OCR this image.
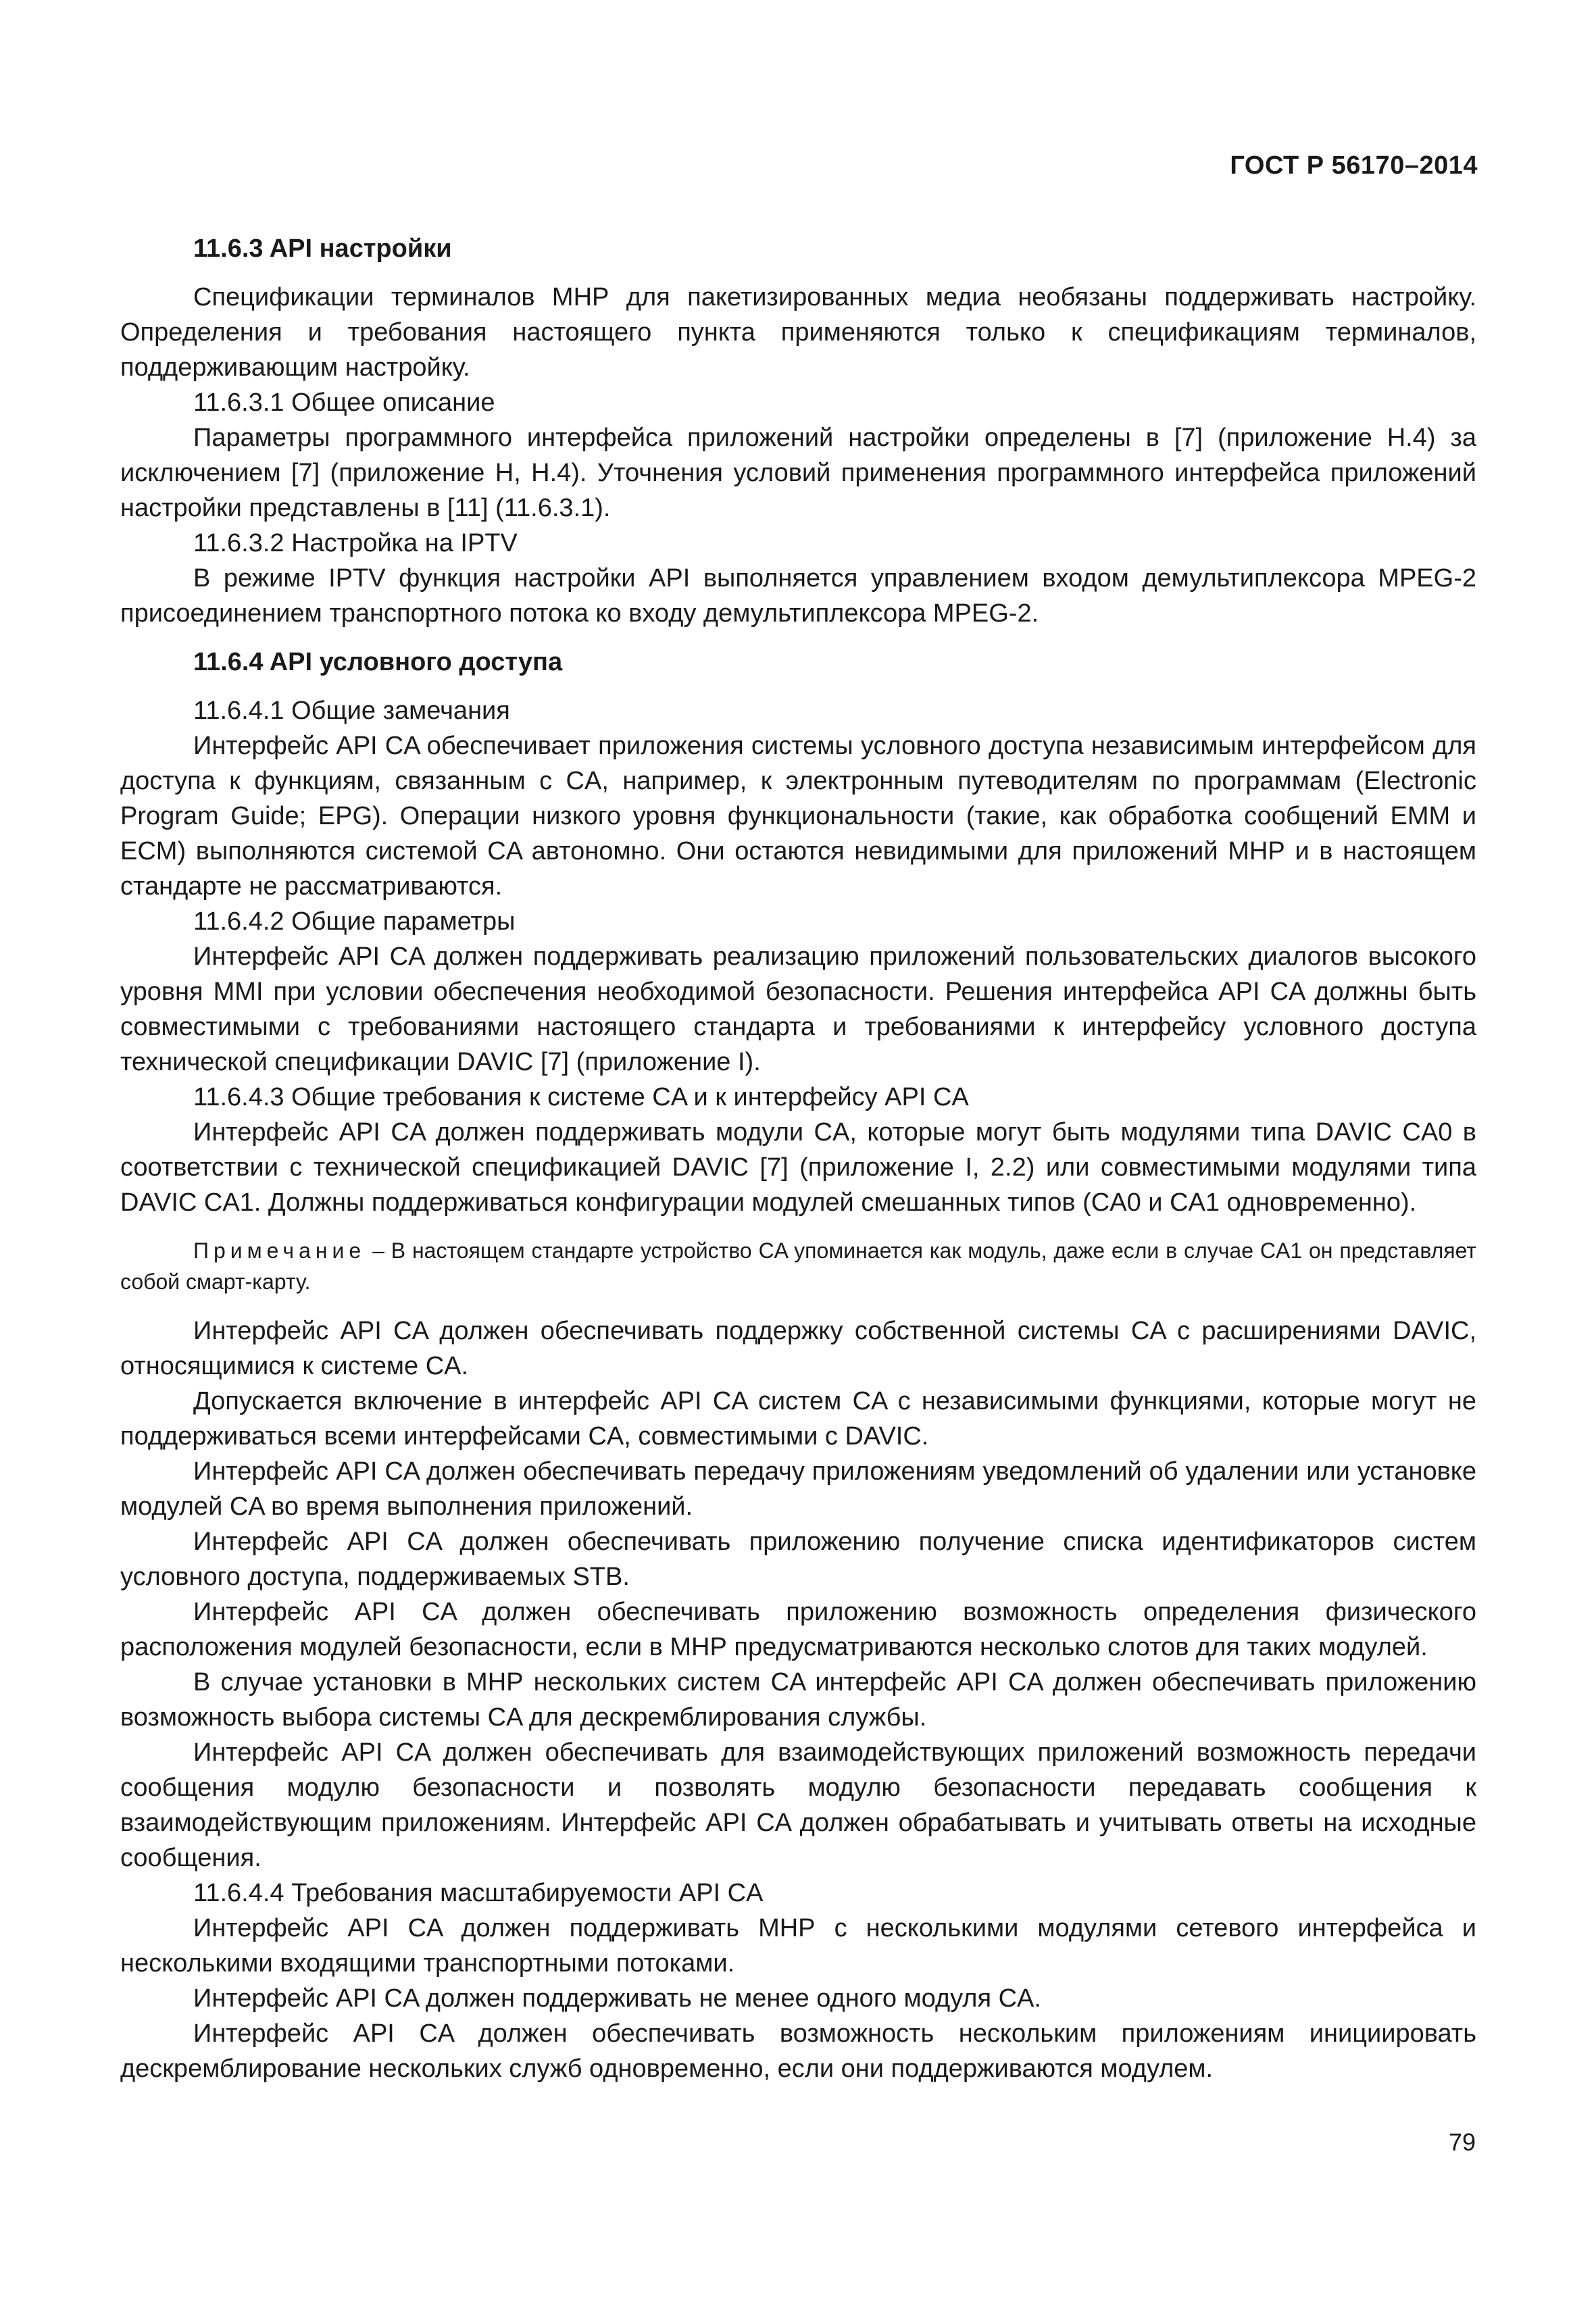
ГОСТ Р 56170–2014
11.6.3 API настройки

Спецификации терминалов МНР для пакетизированных медиа необязаны поддерживать настройку. Определения и требования настоящего пункта применяются только к спецификациям терминалов, поддерживающим настройку.

11.6.3.1 Общее описание

Параметры программного интерфейса приложений настройки определены в [7] (приложение H.4) за исключением [7] (приложение H, H.4). Уточнения условий применения программного интерфейса приложений настройки представлены в [11] (11.6.3.1).

11.6.3.2 Настройка на IPTV

В режиме IPTV функция настройки API выполняется управлением входом демультиплексора MPEG-2 присоединением транспортного потока ко входу демультиплексора MPEG-2.

11.6.4 API условного доступа

11.6.4.1 Общие замечания

Интерфейс API CA обеспечивает приложения системы условного доступа независимым интерфейсом для доступа к функциям, связанным с CA, например, к электронным путеводителям по программам (Electronic Program Guide; EPG). Операции низкого уровня функциональности (такие, как обработка сообщений EMM и ECM) выполняются системой CA автономно. Они остаются невидимыми для приложений МНР и в настоящем стандарте не рассматриваются.

11.6.4.2 Общие параметры

Интерфейс API CA должен поддерживать реализацию приложений пользовательских диалогов высокого уровня MMI при условии обеспечения необходимой безопасности. Решения интерфейса API CA должны быть совместимыми с требованиями настоящего стандарта и требованиями к интерфейсу условного доступа технической спецификации DAVIC [7] (приложение I).

11.6.4.3 Общие требования к системе CA и к интерфейсу API CA

Интерфейс API CA должен поддерживать модули CA, которые могут быть модулями типа DAVIC CA0 в соответствии с технической спецификацией DAVIC [7] (приложение I, 2.2) или совместимыми модулями типа DAVIC CA1. Должны поддерживаться конфигурации модулей смешанных типов (CA0 и CA1 одновременно).

Примечание – В настоящем стандарте устройство CA упоминается как модуль, даже если в случае CA1 он представляет собой смарт-карту.

Интерфейс API CA должен обеспечивать поддержку собственной системы CA с расширениями DAVIC, относящимися к системе CA.

Допускается включение в интерфейс API CA систем CA с независимыми функциями, которые могут не поддерживаться всеми интерфейсами CA, совместимыми с DAVIC.

Интерфейс API CA должен обеспечивать передачу приложениям уведомлений об удалении или установке модулей CA во время выполнения приложений.

Интерфейс API CA должен обеспечивать приложению получение списка идентификаторов систем условного доступа, поддерживаемых STB.

Интерфейс API CA должен обеспечивать приложению возможность определения физического расположения модулей безопасности, если в МНР предусматриваются несколько слотов для таких модулей.

В случае установки в МНР нескольких систем CA интерфейс API CA должен обеспечивать приложению возможность выбора системы CA для дескремблирования службы.

Интерфейс API CA должен обеспечивать для взаимодействующих приложений возможность передачи сообщения модулю безопасности и позволять модулю безопасности передавать сообщения к взаимодействующим приложениям. Интерфейс API CA должен обрабатывать и учитывать ответы на исходные сообщения.

11.6.4.4 Требования масштабируемости API CA

Интерфейс API CA должен поддерживать МНР с несколькими модулями сетевого интерфейса и несколькими входящими транспортными потоками.

Интерфейс API CA должен поддерживать не менее одного модуля CA.

Интерфейс API CA должен обеспечивать возможность нескольким приложениям инициировать дескремблирование нескольких служб одновременно, если они поддерживаются модулем.

79
